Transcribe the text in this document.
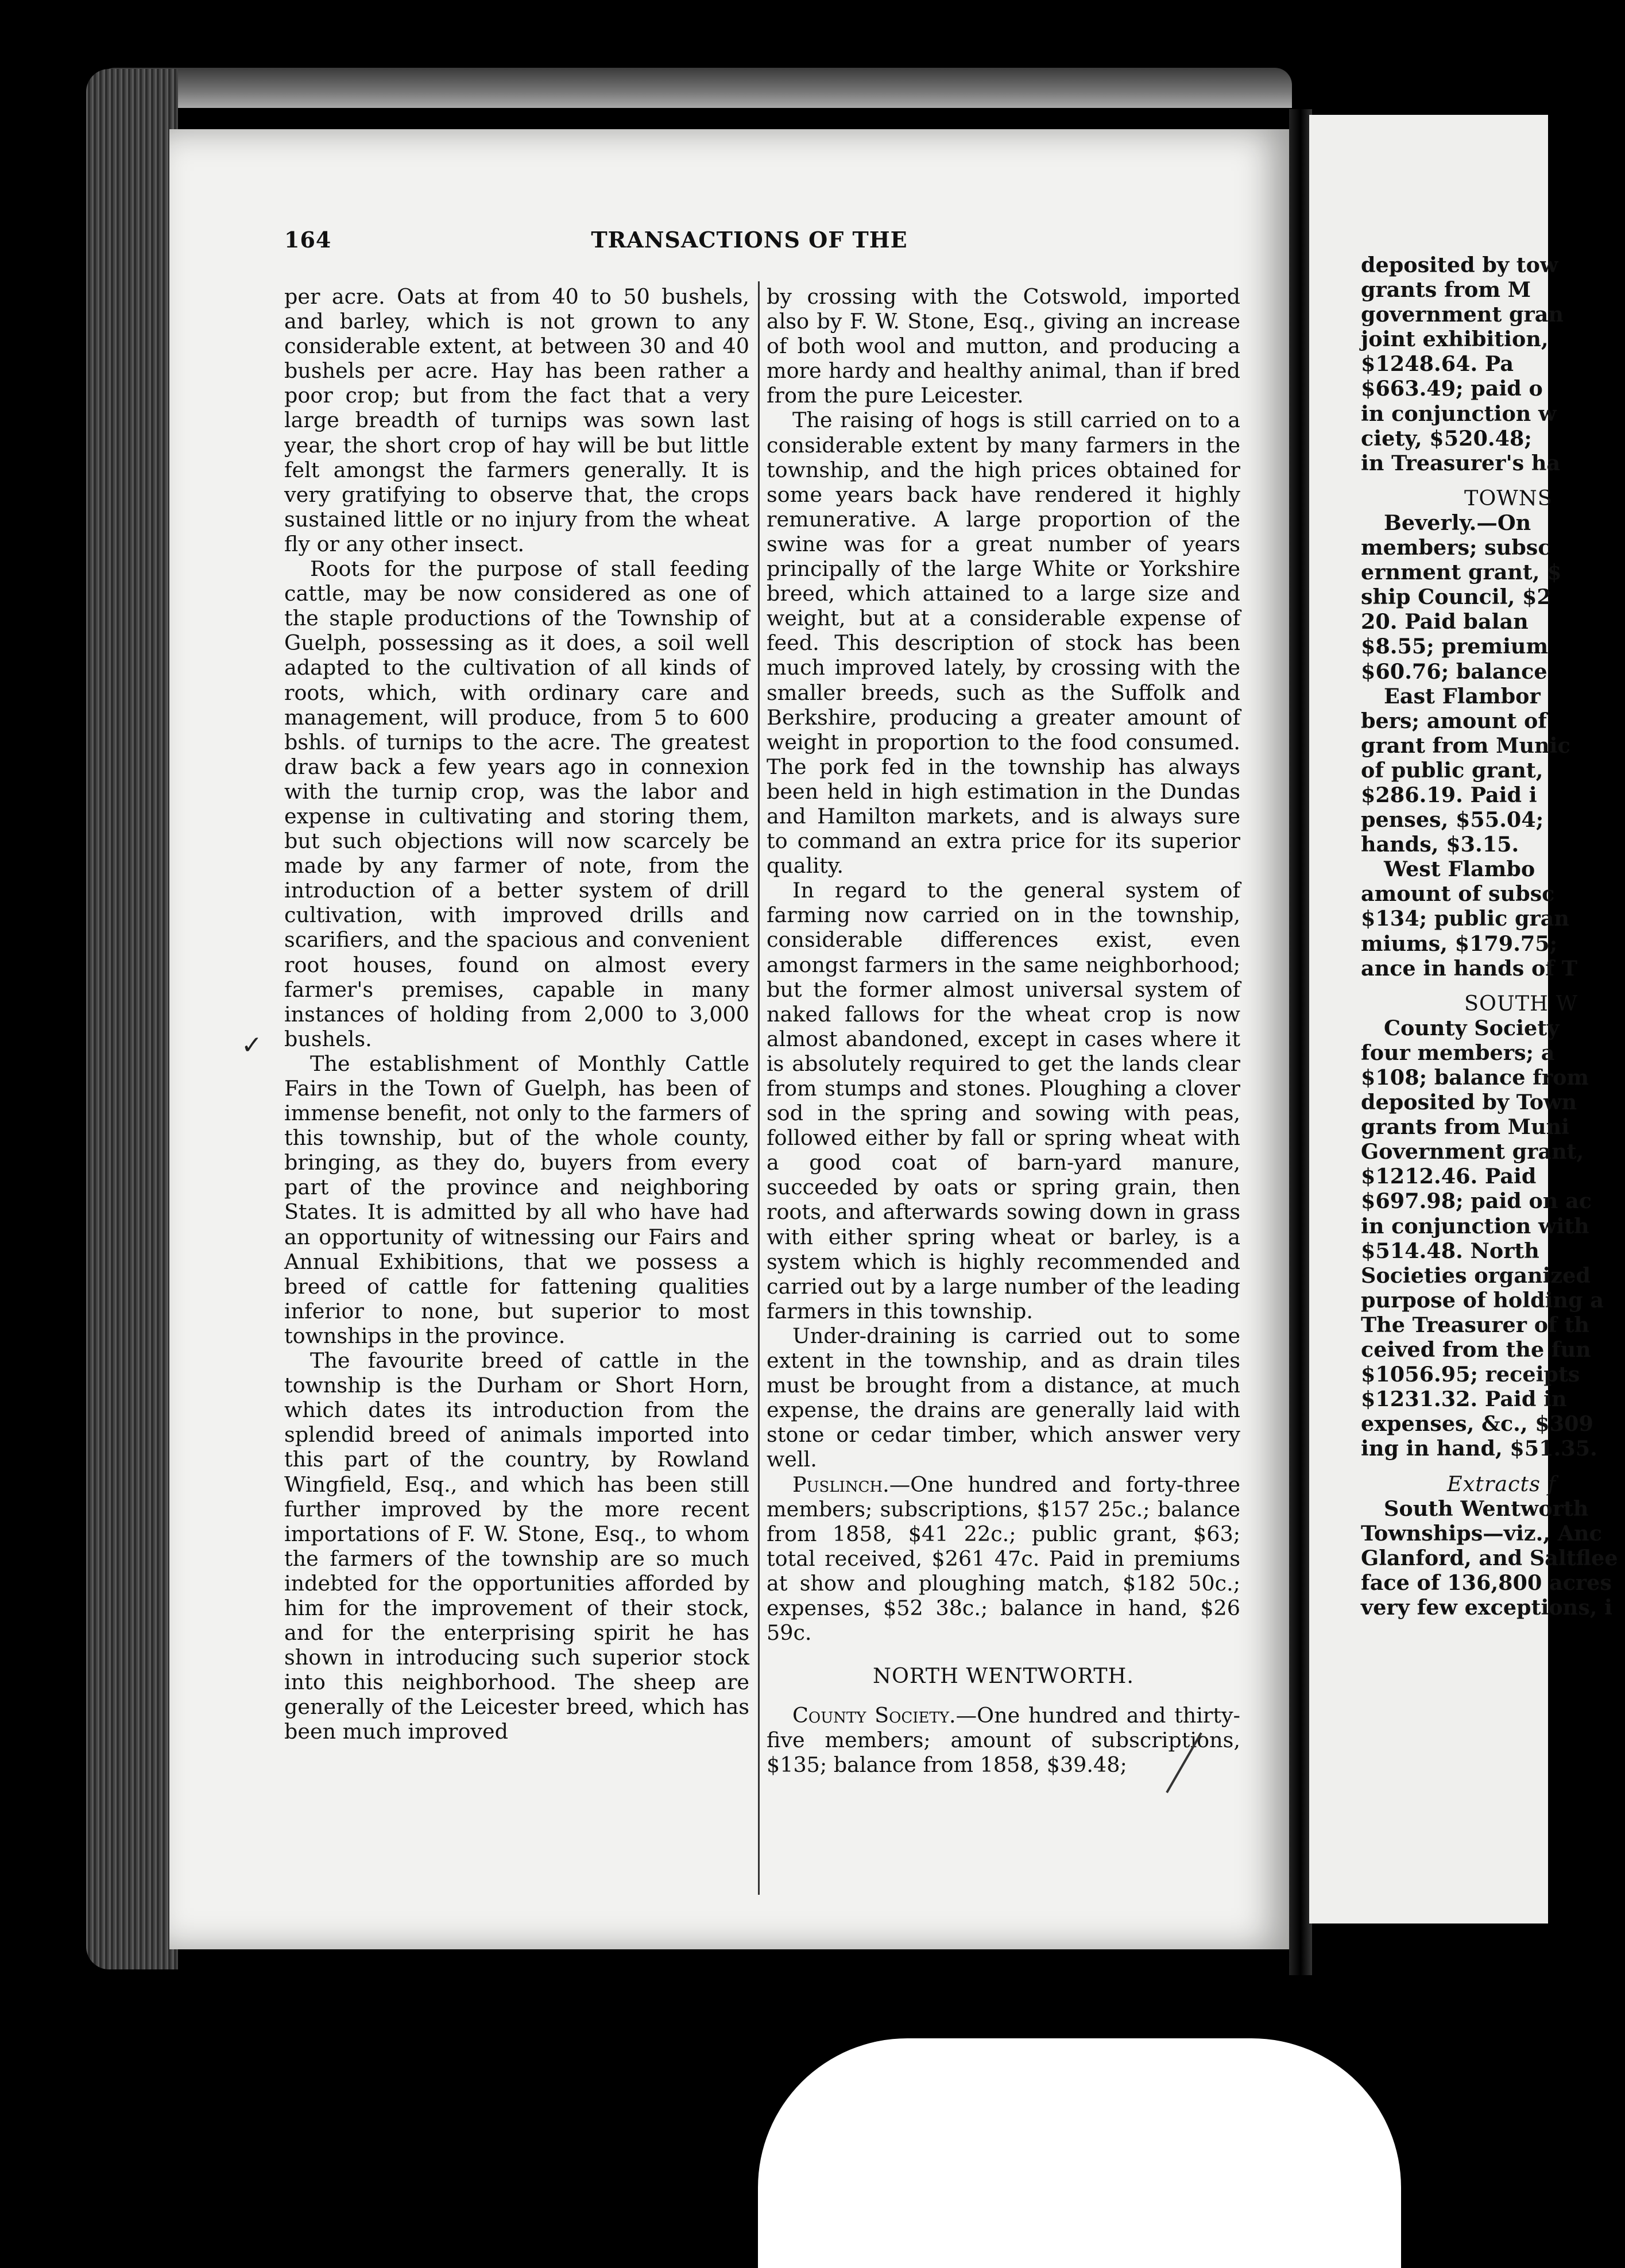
164	TRANSACTIONS OF THE

per acre. Oats at from 40 to 50 bushels, and barley, which is not grown to any considerable extent, at between 30 and 40 bushels per acre. Hay has been rather a poor crop; but from the fact that a very large breadth of turnips was sown last year, the short crop of hay will be but little felt amongst the farmers generally. It is very gratifying to observe that, the crops sustained little or no injury from the wheat fly or any other insect.

Roots for the purpose of stall feeding cattle, may be now considered as one of the staple productions of the Township of Guelph, possessing as it does, a soil well adapted to the cultivation of all kinds of roots, which, with ordinary care and management, will produce, from 5 to 600 bshls. of turnips to the acre. The greatest draw back a few years ago in connexion with the turnip crop, was the labor and expense in cultivating and storing them, but such objections will now scarcely be made by any farmer of note, from the introduction of a better system of drill cultivation, with improved drills and scarifiers, and the spacious and convenient root houses, found on almost every farmer's premises, capable in many instances of holding from 2,000 to 3,000 bushels.

The establishment of Monthly Cattle Fairs in the Town of Guelph, has been of immense benefit, not only to the farmers of this township, but of the whole county, bringing, as they do, buyers from every part of the province and neighboring States. It is admitted by all who have had an opportunity of witnessing our Fairs and Annual Exhibitions, that we possess a breed of cattle for fattening qualities inferior to none, but superior to most townships in the province.

The favourite breed of cattle in the township is the Durham or Short Horn, which dates its introduction from the splendid breed of animals imported into this part of the country, by Rowland Wingfield, Esq., and which has been still further improved by the more recent importations of F. W. Stone, Esq., to whom the farmers of the township are so much indebted for the opportunities afforded by him for the improvement of their stock, and for the enterprising spirit he has shown in introducing such superior stock into this neighborhood. The sheep are generally of the Leicester breed, which has been much improved

by crossing with the Cotswold, imported also by F. W. Stone, Esq., giving an increase of both wool and mutton, and producing a more hardy and healthy animal, than if bred from the pure Leicester.

The raising of hogs is still carried on to a considerable extent by many farmers in the township, and the high prices obtained for some years back have rendered it highly remunerative. A large proportion of the swine was for a great number of years principally of the large White or Yorkshire breed, which attained to a large size and weight, but at a considerable expense of feed. This description of stock has been much improved lately, by crossing with the smaller breeds, such as the Suffolk and Berkshire, producing a greater amount of weight in proportion to the food consumed. The pork fed in the township has always been held in high estimation in the Dundas and Hamilton markets, and is always sure to command an extra price for its superior quality.

In regard to the general system of farming now carried on in the township, considerable differences exist, even amongst farmers in the same neighborhood; but the former almost universal system of naked fallows for the wheat crop is now almost abandoned, except in cases where it is absolutely required to get the lands clear from stumps and stones. Ploughing a clover sod in the spring and sowing with peas, followed either by fall or spring wheat with a good coat of barn-yard manure, succeeded by oats or spring grain, then roots, and afterwards sowing down in grass with either spring wheat or barley, is a system which is highly recommended and carried out by a large number of the leading farmers in this township.

Under-draining is carried out to some extent in the township, and as drain tiles must be brought from a distance, at much expense, the drains are generally laid with stone or cedar timber, which answer very well.

Puslinch.—One hundred and forty-three members; subscriptions, $157 25c.; balance from 1858, $41 22c.; public grant, $63; total received, $261 47c. Paid in premiums at show and ploughing match, $182 50c.; expenses, $52 38c.; balance in hand, $26 59c.

NORTH WENTWORTH.

County Society.—One hundred and thirty-five members; amount of subscriptions, $135; balance from 1858, $39.48;

✓
deposited by tow
grants from M
government gran
joint exhibition,
$1248.64. Pa
$663.49; paid o
in conjunction w
ciety, $520.48;
in Treasurer's ha
TOWNS
Beverly.—On
members; subsc
ernment grant, $
ship Council, $2
20. Paid balan
$8.55; premium
$60.76; balance
East Flambor
bers; amount of
grant from Munic
of public grant,
$286.19. Paid i
penses, $55.04;
hands, $3.15.
West Flambo
amount of subsc
$134; public gran
miums, $179.75;
ance in hands of T
SOUTH W
County Society
four members; a
$108; balance from
deposited by Town
grants from Muni
Government grant,
$1212.46. Paid
$697.98; paid on ac
in conjunction with
$514.48. North
Societies organized
purpose of holding a
The Treasurer of th
ceived from the fun
$1056.95; receipts
$1231.32. Paid in
expenses, &c., $309
ing in hand, $51.35.
Extracts f
South Wentworth
Townships—viz., Anc
Glanford, and Saltflee
face of 136,800 acres
very few exceptions, i
